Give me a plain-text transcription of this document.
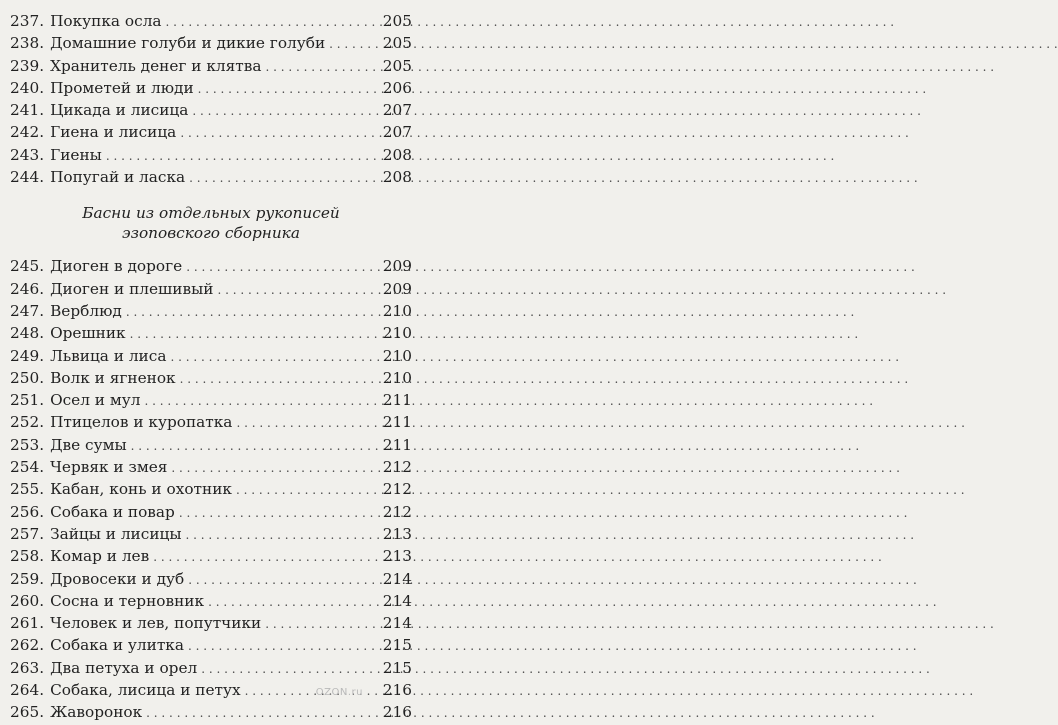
237. Покупка осла . . .	205
238. Домашние голуби и дикие голуби . . .	205
239. Хранитель денег и клятва . . .	205
240. Прометей и люди . . .	206
241. Цикада и лисица . . .	207
242. Гиена и лисица . . .	207
243. Гиены . . .	208
244. Попугай и ласка . . .	208
Басни из отдельных рукописей
эзоповского сборника
245. Диоген в дороге . . .	209
246. Диоген и плешивый . . .	209
247. Верблюд . . .	210
248. Орешник . . .	210
249. Львица и лиса . . .	210
250. Волк и ягненок . . .	210
251. Осел и мул . . .	211
252. Птицелов и куропатка . . .	211
253. Две сумы . . .	211
254. Червяк и змея . . .	212
255. Кабан, конь и охотник . . .	212
256. Собака и повар . . .	212
257. Зайцы и лисицы . . .	213
258. Комар и лев . . .	213
259. Дровосеки и дуб . . .	214
260. Сосна и терновник . . .	214
261. Человек и лев, попутчики . . .	214
262. Собака и улитка . . .	215
263. Два петуха и орел . . .	215
264. Собака, лисица и петух . . .	216
265. Жаворонок . . .	216
OZON.ru
